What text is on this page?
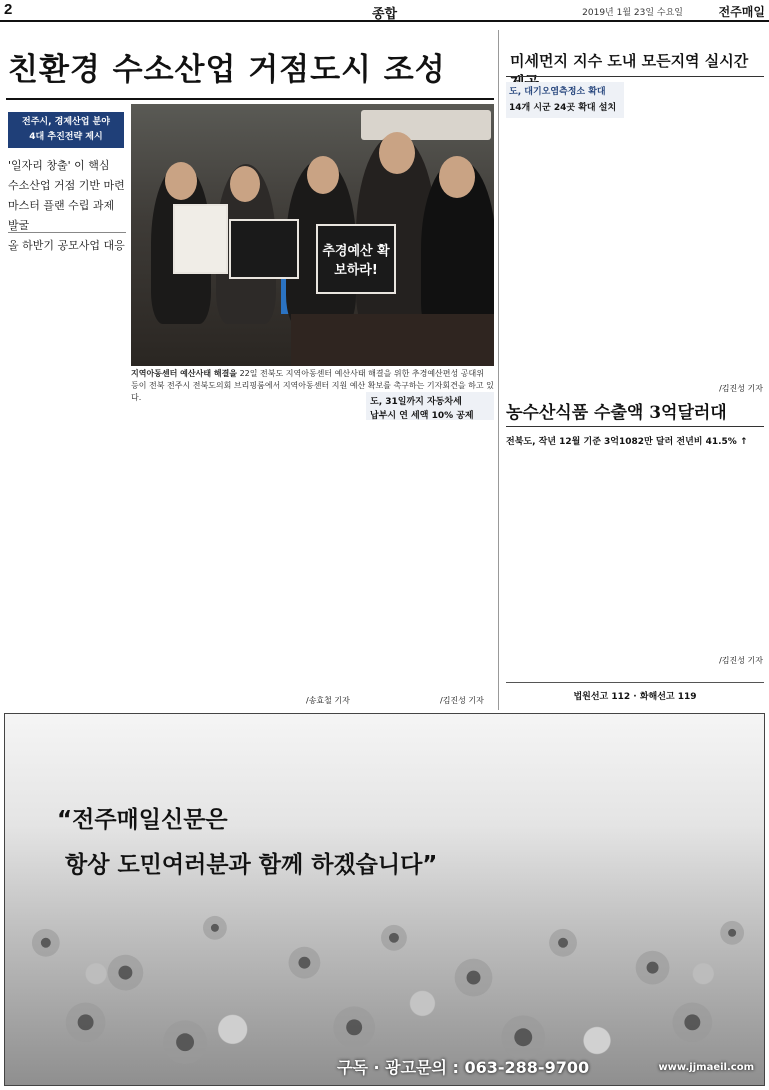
2	종합	2019년 1월 23일 수요일	전주매일
친환경 수소산업 거점도시 조성
전주시, 경제산업 분야
4대 추진전략 제시
'일자리 창출' 이 핵심
수소산업 거점 기반 마련
마스터 플랜 수립 과제 발굴
올 하반기 공모사업 대응	추경예산 확보하라!
지역아동센터 예산사태 해결을 22일 전북도 지역아동센터 예산사태 해결을 위한 추경예산편성 공대위 등이 전북 전주시 전북도의회 브리핑룸에서 지역아동센터 지원 예산 확보를 촉구하는 기자회견을 하고 있다.
미세먼지 지수 도내 모든지역 실시간
도, 대기오염측정소 확대
14개 시군 24곳 확대 설치
/김진성 기자
농수산식품 수출액 3억달러대
전북도, 작년 12월 기준 3억1082만 달러 전년비 41.5% ↑
/김진성 기자
도, 31일까지 자동차세
납부시 연 세액 10% 공제
/김진성 기자
/송효철 기자	법원선고 112 · 화해선고 119
“전주매일신문은
항상 도민여러분과 함께 하겠습니다”
구독 · 광고문의 : 063-288-9700	www.jjmaeil.com
